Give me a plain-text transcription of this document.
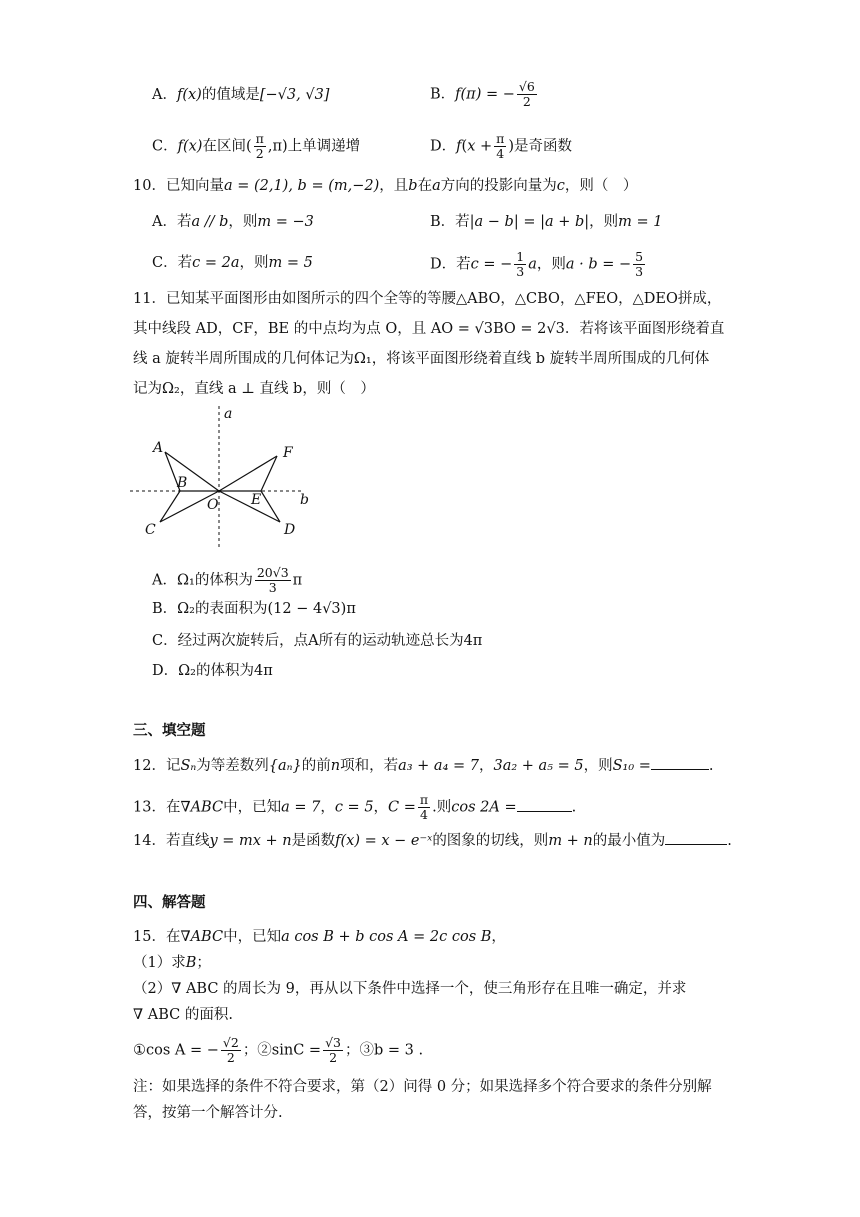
A．f(x)的值域是[−√3, √3]	B．f(π) = − $\frac{√6}{2}$
C．f(x)在区间( $\frac{\pi}{2} ,\pi$)上单调递增	D．$f(x + \frac{\pi}{4}$ )是奇函数
10．已知向量a = (2,1), b = (m,−2)，且b在a方向的投影向量为c，则（　）
A．若a // b，则m = −3	B．若|a − b| = |a + b|，则m = 1
C．若c = 2a，则m = 5	D．若c = − $\frac{1}{3}$ a，则a · b = − $\frac{5}{3}$
11．已知某平面图形由如图所示的四个全等的等腰△ABO，△CBO，△FEO，△DEO拼成，
其中线段 AD，CF，BE 的中点均为点 O，且 AO = √3BO = 2√3．若将该平面图形绕着直
线 a 旋转半周所围成的几何体记为Ω₁，将该平面图形绕着直线 b 旋转半周所围成的几何体
记为Ω₂，直线 a ⊥ 直线 b，则（　）
a
b
A
B
C
O E
F
D
A．Ω₁的体积为 $\frac{20√3}{3}$ π
B．Ω₂的表面积为(12 − 4√3)π
C．经过两次旋转后，点A所有的运动轨迹总长为4π
D．Ω₂的体积为4π
三、填空题
12．记Sₙ为等差数列{aₙ}的前n项和，若a₃ + a₄ = 7，3a₂ + a₅ = 5，则S₁₀ =	.
13．在∇ABC中，已知a = 7，c = 5，$C = \frac{\pi}{4}$ .则cos 2A =	.
14．若直线y = mx + n是函数f(x) = x − e⁻ˣ的图象的切线，则m + n的最小值为	.
四、解答题
15．在∇ABC中，已知a cos B + b cos A = 2c cos B，
（1）求B；
（2）∇ ABC 的周长为 9，再从以下条件中选择一个，使三角形存在且唯一确定，并求
∇ ABC 的面积.
①cos A = − $\frac{√2}{2}$ ；②sinC = $\frac{√3}{2}$ ；③b = 3 .
注：如果选择的条件不符合要求，第（2）问得 0 分；如果选择多个符合要求的条件分别解
答，按第一个解答计分.
